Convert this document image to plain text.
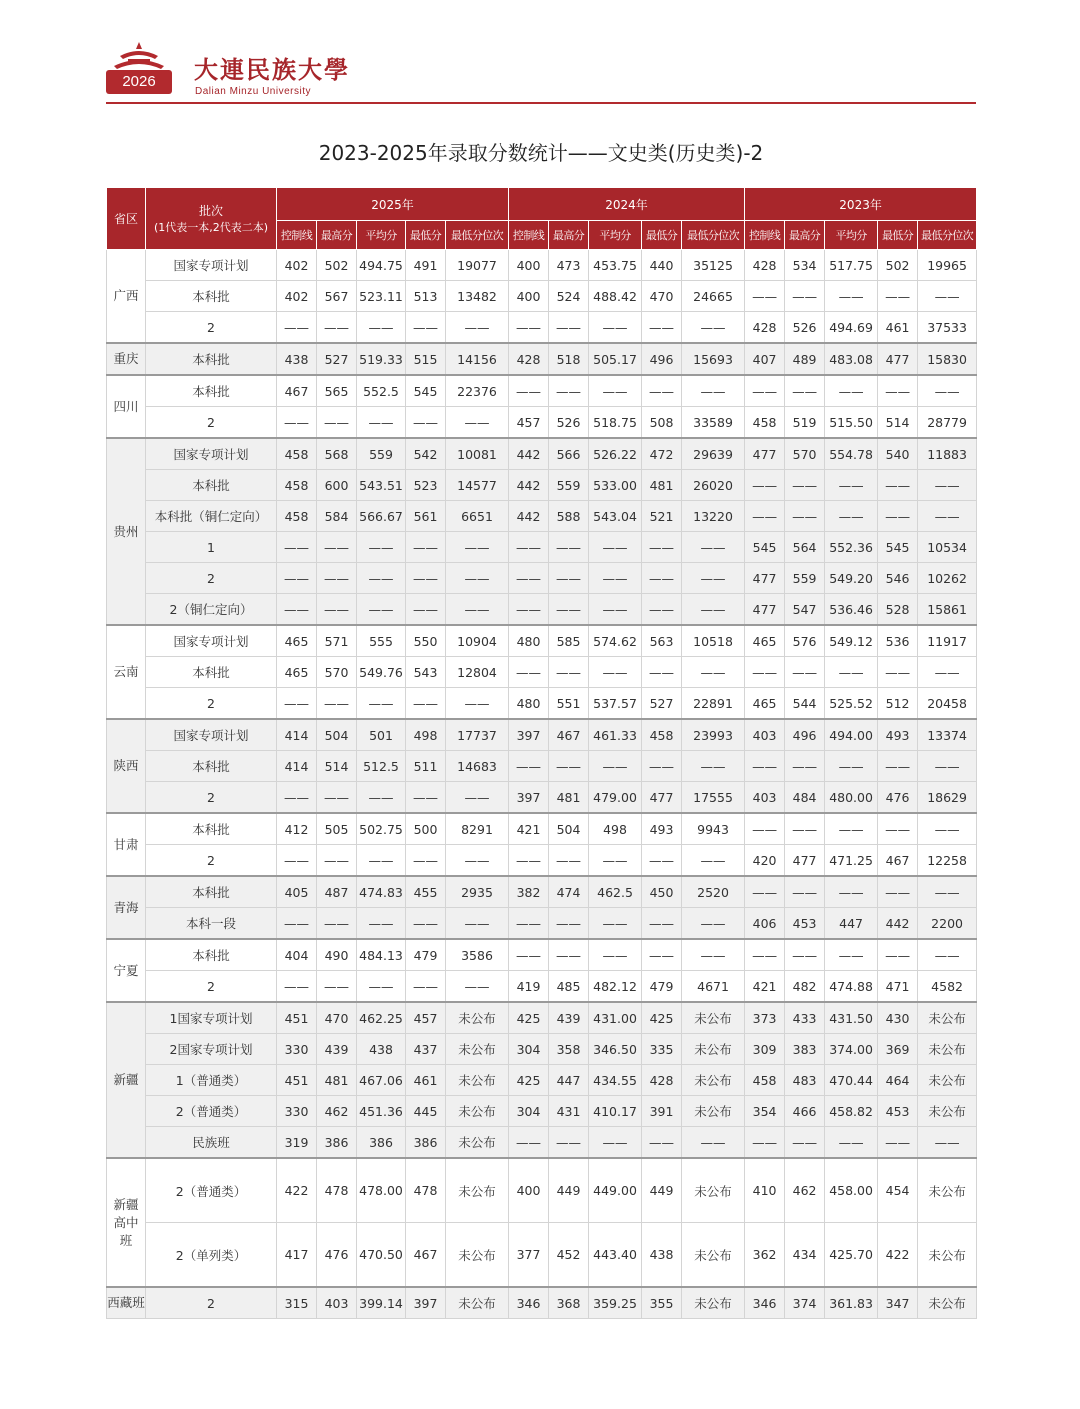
2026	大連民族大學
Dalian Minzu University
2023-2025年录取分数统计——文史类(历史类)-2
省区	批次
(1代表一本,2代表二本)	2025年					2024年					2023年				
		控制线	最高分	平均分	最低分	最低分位次	控制线	最高分	平均分	最低分	最低分位次	控制线	最高分	平均分	最低分	最低分位次
广西	国家专项计划	402	502	494.75	491	19077	400	473	453.75	440	35125	428	534	517.75	502	19965
	本科批	402	567	523.11	513	13482	400	524	488.42	470	24665	——	——	——	——	——
	2	——	——	——	——	——	——	——	——	——	——	428	526	494.69	461	37533
重庆	本科批	438	527	519.33	515	14156	428	518	505.17	496	15693	407	489	483.08	477	15830
四川	本科批	467	565	552.5	545	22376	——	——	——	——	——	——	——	——	——	——
	2	——	——	——	——	——	457	526	518.75	508	33589	458	519	515.50	514	28779
贵州	国家专项计划	458	568	559	542	10081	442	566	526.22	472	29639	477	570	554.78	540	11883
	本科批	458	600	543.51	523	14577	442	559	533.00	481	26020	——	——	——	——	——
	本科批（铜仁定向）	458	584	566.67	561	6651	442	588	543.04	521	13220	——	——	——	——	——
	1	——	——	——	——	——	——	——	——	——	——	545	564	552.36	545	10534
	2	——	——	——	——	——	——	——	——	——	——	477	559	549.20	546	10262
	2（铜仁定向）	——	——	——	——	——	——	——	——	——	——	477	547	536.46	528	15861
云南	国家专项计划	465	571	555	550	10904	480	585	574.62	563	10518	465	576	549.12	536	11917
	本科批	465	570	549.76	543	12804	——	——	——	——	——	——	——	——	——	——
	2	——	——	——	——	——	480	551	537.57	527	22891	465	544	525.52	512	20458
陕西	国家专项计划	414	504	501	498	17737	397	467	461.33	458	23993	403	496	494.00	493	13374
	本科批	414	514	512.5	511	14683	——	——	——	——	——	——	——	——	——	——
	2	——	——	——	——	——	397	481	479.00	477	17555	403	484	480.00	476	18629
甘肃	本科批	412	505	502.75	500	8291	421	504	498	493	9943	——	——	——	——	——
	2	——	——	——	——	——	——	——	——	——	——	420	477	471.25	467	12258
青海	本科批	405	487	474.83	455	2935	382	474	462.5	450	2520	——	——	——	——	——
	本科一段	——	——	——	——	——	——	——	——	——	——	406	453	447	442	2200
宁夏	本科批	404	490	484.13	479	3586	——	——	——	——	——	——	——	——	——	——
	2	——	——	——	——	——	419	485	482.12	479	4671	421	482	474.88	471	4582
新疆	1国家专项计划	451	470	462.25	457	未公布	425	439	431.00	425	未公布	373	433	431.50	430	未公布
	2国家专项计划	330	439	438	437	未公布	304	358	346.50	335	未公布	309	383	374.00	369	未公布
	1（普通类）	451	481	467.06	461	未公布	425	447	434.55	428	未公布	458	483	470.44	464	未公布
	2（普通类）	330	462	451.36	445	未公布	304	431	410.17	391	未公布	354	466	458.82	453	未公布
	民族班	319	386	386	386	未公布	——	——	——	——	——	——	——	——	——	——
新疆高中班	2（普通类）	422	478	478.00	478	未公布	400	449	449.00	449	未公布	410	462	458.00	454	未公布
	2（单列类）	417	476	470.50	467	未公布	377	452	443.40	438	未公布	362	434	425.70	422	未公布
西藏班	2	315	403	399.14	397	未公布	346	368	359.25	355	未公布	346	374	361.83	347	未公布
